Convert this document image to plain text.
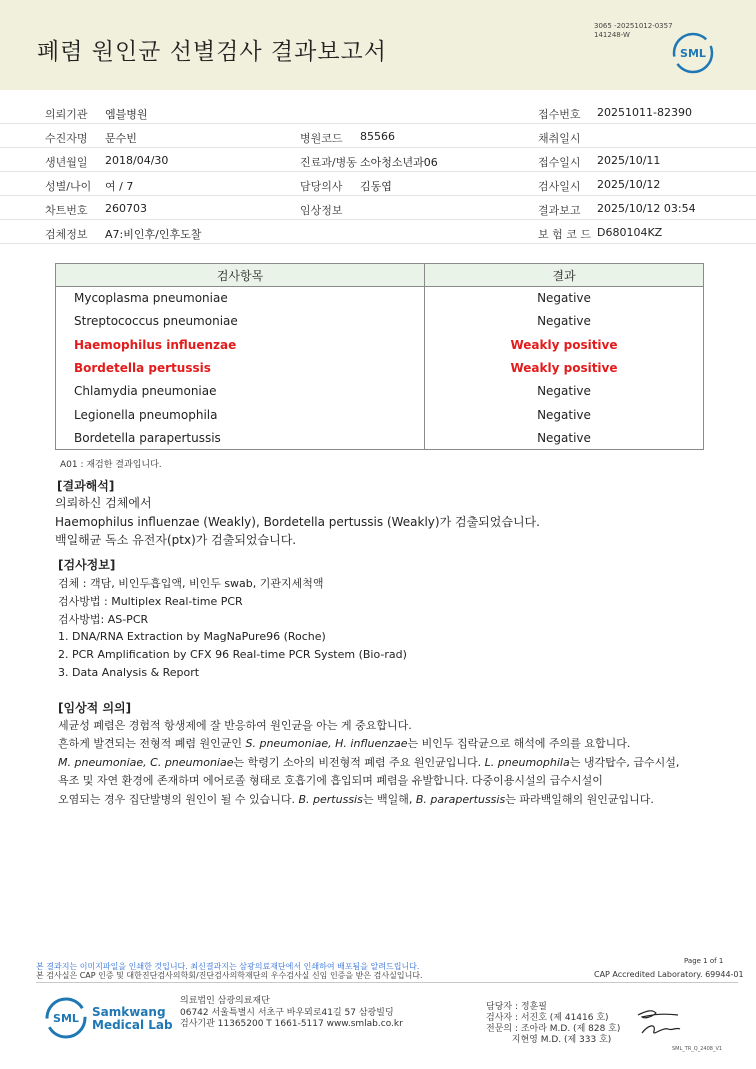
폐렴 원인균 선별검사 결과보고서
3065 -20251012-0357
141248-W
SML
의뢰기관 엠블병원	접수번호 20251011-82390
수진자명 문수빈	병원코드 85566	채취일시
생년월일 2018/04/30	진료과/병동 소아청소년과06	접수일시 2025/10/11
성별/나이 여 / 7	담당의사 김동엽	검사일시 2025/10/12
차트번호 260703	임상정보	결과보고 2025/10/12 03:54
검체정보 A7:비인후/인후도찰	보 험 코 드 D680104KZ
검사항목	결과
Mycoplasma pneumoniae	Negative
Streptococcus pneumoniae	Negative
Haemophilus influenzae	Weakly positive
Bordetella pertussis	Weakly positive
Chlamydia pneumoniae	Negative
Legionella pneumophila	Negative
Bordetella parapertussis	Negative
A01 : 재검한 결과입니다.
[결과해석]
의뢰하신 검체에서
Haemophilus influenzae (Weakly), Bordetella pertussis (Weakly)가 검출되었습니다.
백일해균 독소 유전자(ptx)가 검출되었습니다.
[검사정보]
검체 : 객담, 비인두흡입액, 비인두 swab, 기관지세척액
검사방법 : Multiplex Real-time PCR
검사방법: AS-PCR
1. DNA/RNA Extraction by MagNaPure96 (Roche)
2. PCR Amplification by CFX 96 Real-time PCR System (Bio-rad)
3. Data Analysis & Report
[임상적 의의]
세균성 폐렴은 경험적 항생제에 잘 반응하여 원인균을 아는 게 중요합니다.
흔하게 발견되는 전형적 폐렴 원인균인 S. pneumoniae, H. influenzae는 비인두 집락균으로 해석에 주의를 요합니다.
M. pneumoniae, C. pneumoniae는 학령기 소아의 비전형적 폐렴 주요 원인균입니다. L. pneumophila는 냉각탑수, 급수시설,
욕조 및 자연 환경에 존재하며 에어로졸 형태로 호흡기에 흡입되며 폐렴을 유발합니다. 다중이용시설의 급수시설이
오염되는 경우 집단발병의 원인이 될 수 있습니다. B. pertussis는 백일해, B. parapertussis는 파라백일해의 원인균입니다.
본 결과지는 이미지파일을 인쇄한 것입니다. 최신결과지는 삼광의료재단에서 인쇄하여 배포됨을 알려드립니다.
본 검사실은 CAP 인증 및 대한진단검사의학회/진단검사의학재단의 우수검사실 신임 인증을 받은 검사실입니다.
Page 1 of 1
CAP Accredited Laboratory. 69944-01
SML Samkwang
Medical Lab
의료법인 삼광의료재단
06742 서울특별시 서초구 바우뫼로41길 57 삼광빌딩
검사기관 11365200 T 1661-5117 www.smlab.co.kr
담당자 : 정훈필
검사자 : 서진호 (제 41416 호)
전문의 : 조아라 M.D. (제 828 호)
지현영 M.D. (제 333 호)
SML_TR_Q_2408_V1
